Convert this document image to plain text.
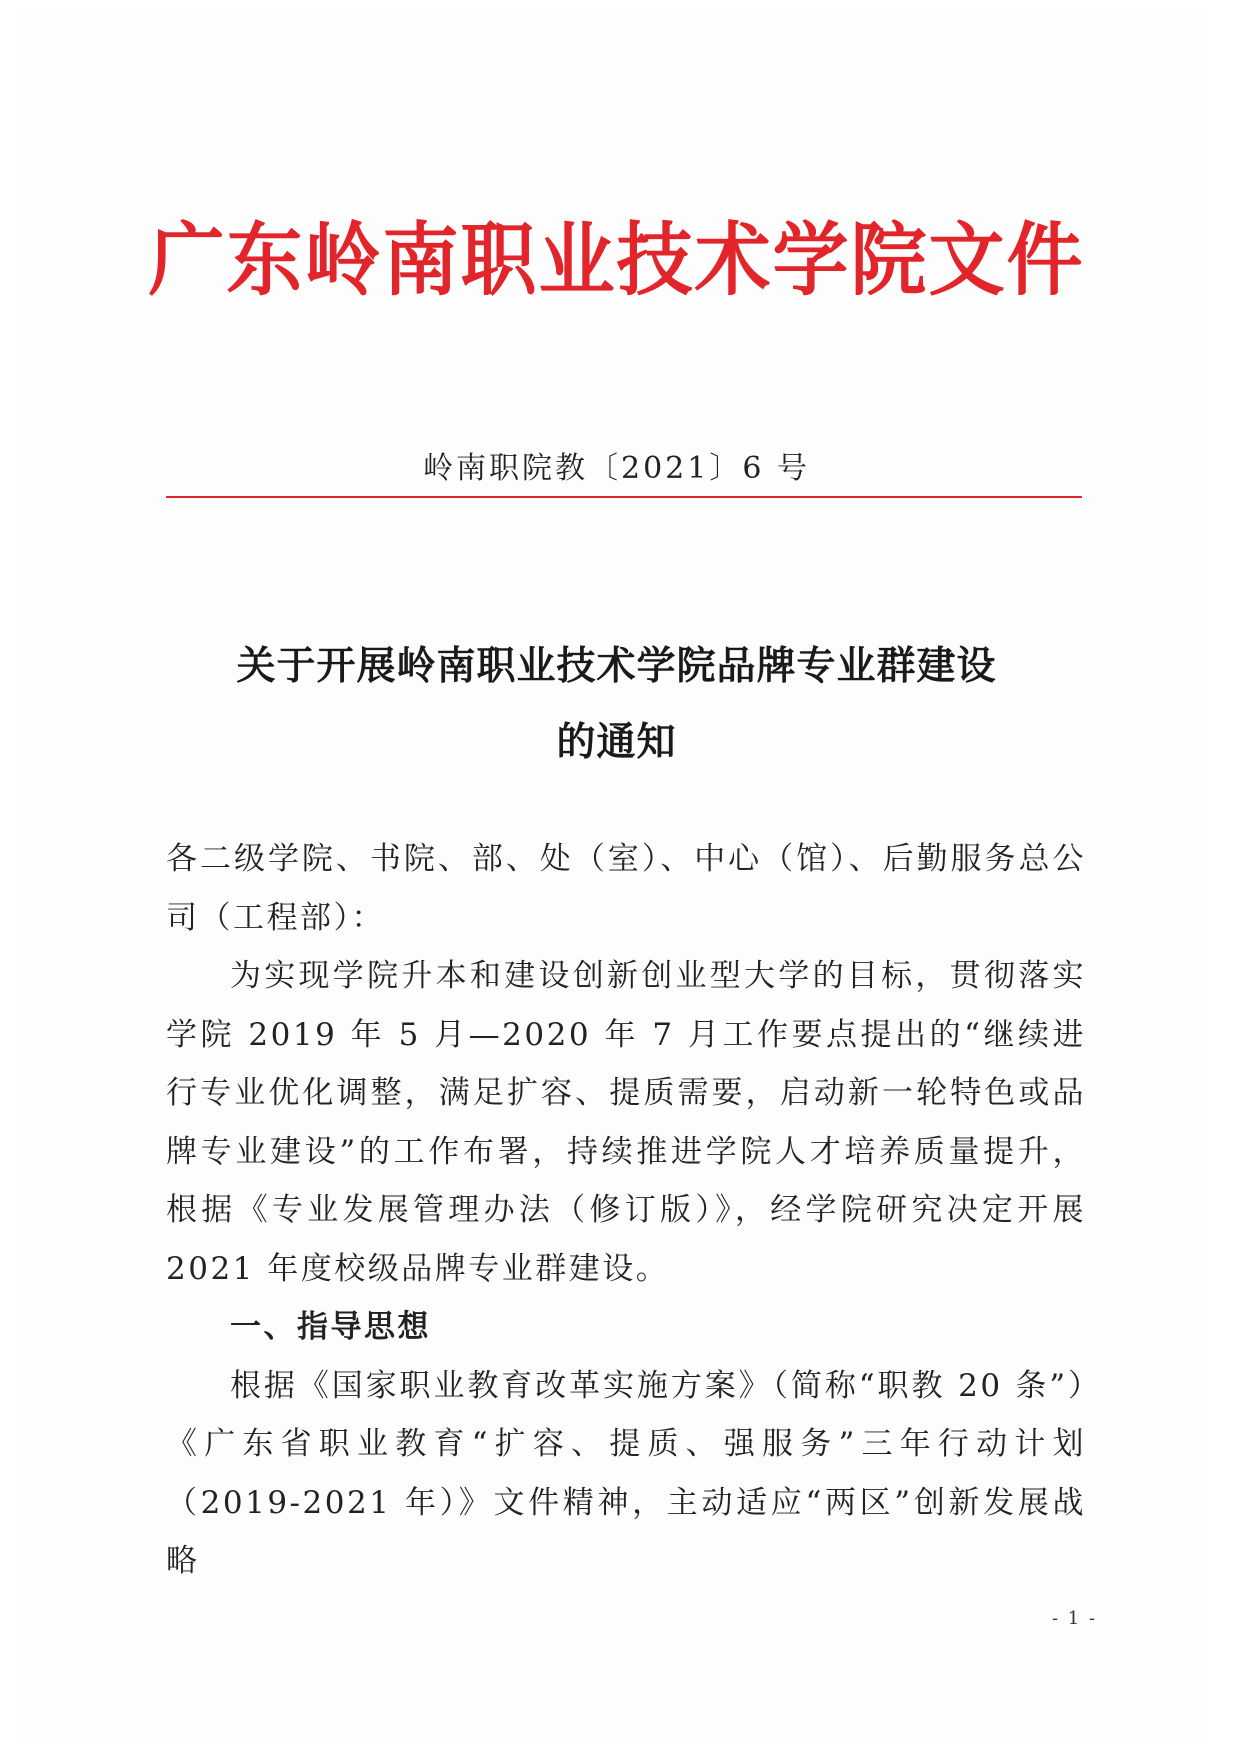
广东岭南职业技术学院文件
岭南职院教〔2021〕6 号
关于开展岭南职业技术学院品牌专业群建设
的通知

各二级学院、书院、部、处（室）、中心（馆）、后勤服务总公司（工程部）：

为实现学院升本和建设创新创业型大学的目标，贯彻落实学院 2019 年 5 月—2020 年 7 月工作要点提出的“继续进行专业优化调整，满足扩容、提质需要，启动新一轮特色或品牌专业建设”的工作布署，持续推进学院人才培养质量提升，根据《专业发展管理办法（修订版）》，经学院研究决定开展 2021 年度校级品牌专业群建设。

一、指导思想

根据《国家职业教育改革实施方案》（简称“职教 20 条”）《广东省职业教育“扩容、提质、强服务”三年行动计划（2019-2021 年）》文件精神，主动适应“两区”创新发展战略

- 1 -
